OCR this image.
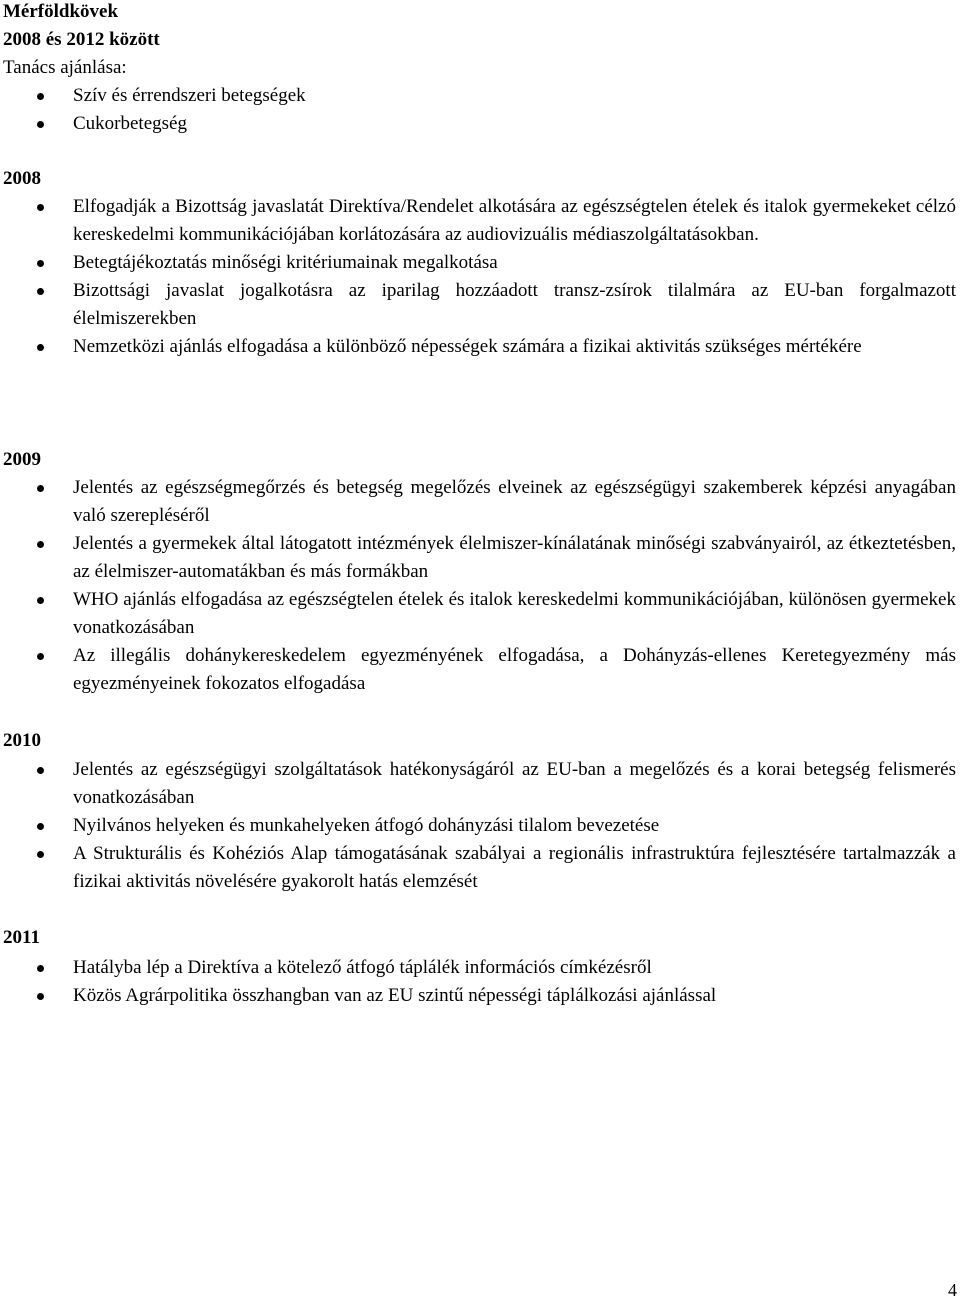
Mérföldkövek
2008 és 2012 között
Tanács ajánlása:
Szív és érrendszeri betegségek
Cukorbetegség
2008
Elfogadják a Bizottság javaslatát Direktíva/Rendelet alkotására az egészségtelen ételek és italok gyermekeket célzó kereskedelmi kommunikációjában korlátozására az audiovizuális médiaszolgáltatásokban.
Betegtájékoztatás minőségi kritériumainak megalkotása
Bizottsági javaslat jogalkotásra az iparilag hozzáadott transz-zsírok tilalmára az EU-ban forgalmazott élelmiszerekben
Nemzetközi ajánlás elfogadása a különböző népességek számára a fizikai aktivitás szükséges mértékére
2009
Jelentés az egészségmegőrzés és betegség megelőzés elveinek az egészségügyi szakemberek képzési anyagában való szerepléséről
Jelentés a gyermekek által látogatott intézmények élelmiszer-kínálatának minőségi szabványairól, az étkeztetésben, az élelmiszer-automatákban és más formákban
WHO ajánlás elfogadása az egészségtelen ételek és italok kereskedelmi kommunikációjában, különösen gyermekek vonatkozásában
Az illegális dohánykereskedelem egyezményének elfogadása, a Dohányzás-ellenes Keretegyezmény más egyezményeinek fokozatos elfogadása
2010
Jelentés az egészségügyi szolgáltatások hatékonyságáról az EU-ban a megelőzés és a korai betegség felismerés vonatkozásában
Nyilvános helyeken és munkahelyeken átfogó dohányzási tilalom bevezetése
A Strukturális és Kohéziós Alap támogatásának szabályai a regionális infrastruktúra fejlesztésére tartalmazzák a fizikai aktivitás növelésére gyakorolt hatás elemzését
2011
Hatályba lép a Direktíva a kötelező átfogó táplálék információs címkézésről
Közös Agrárpolitika összhangban van az EU szintű népességi táplálkozási ajánlással
4
